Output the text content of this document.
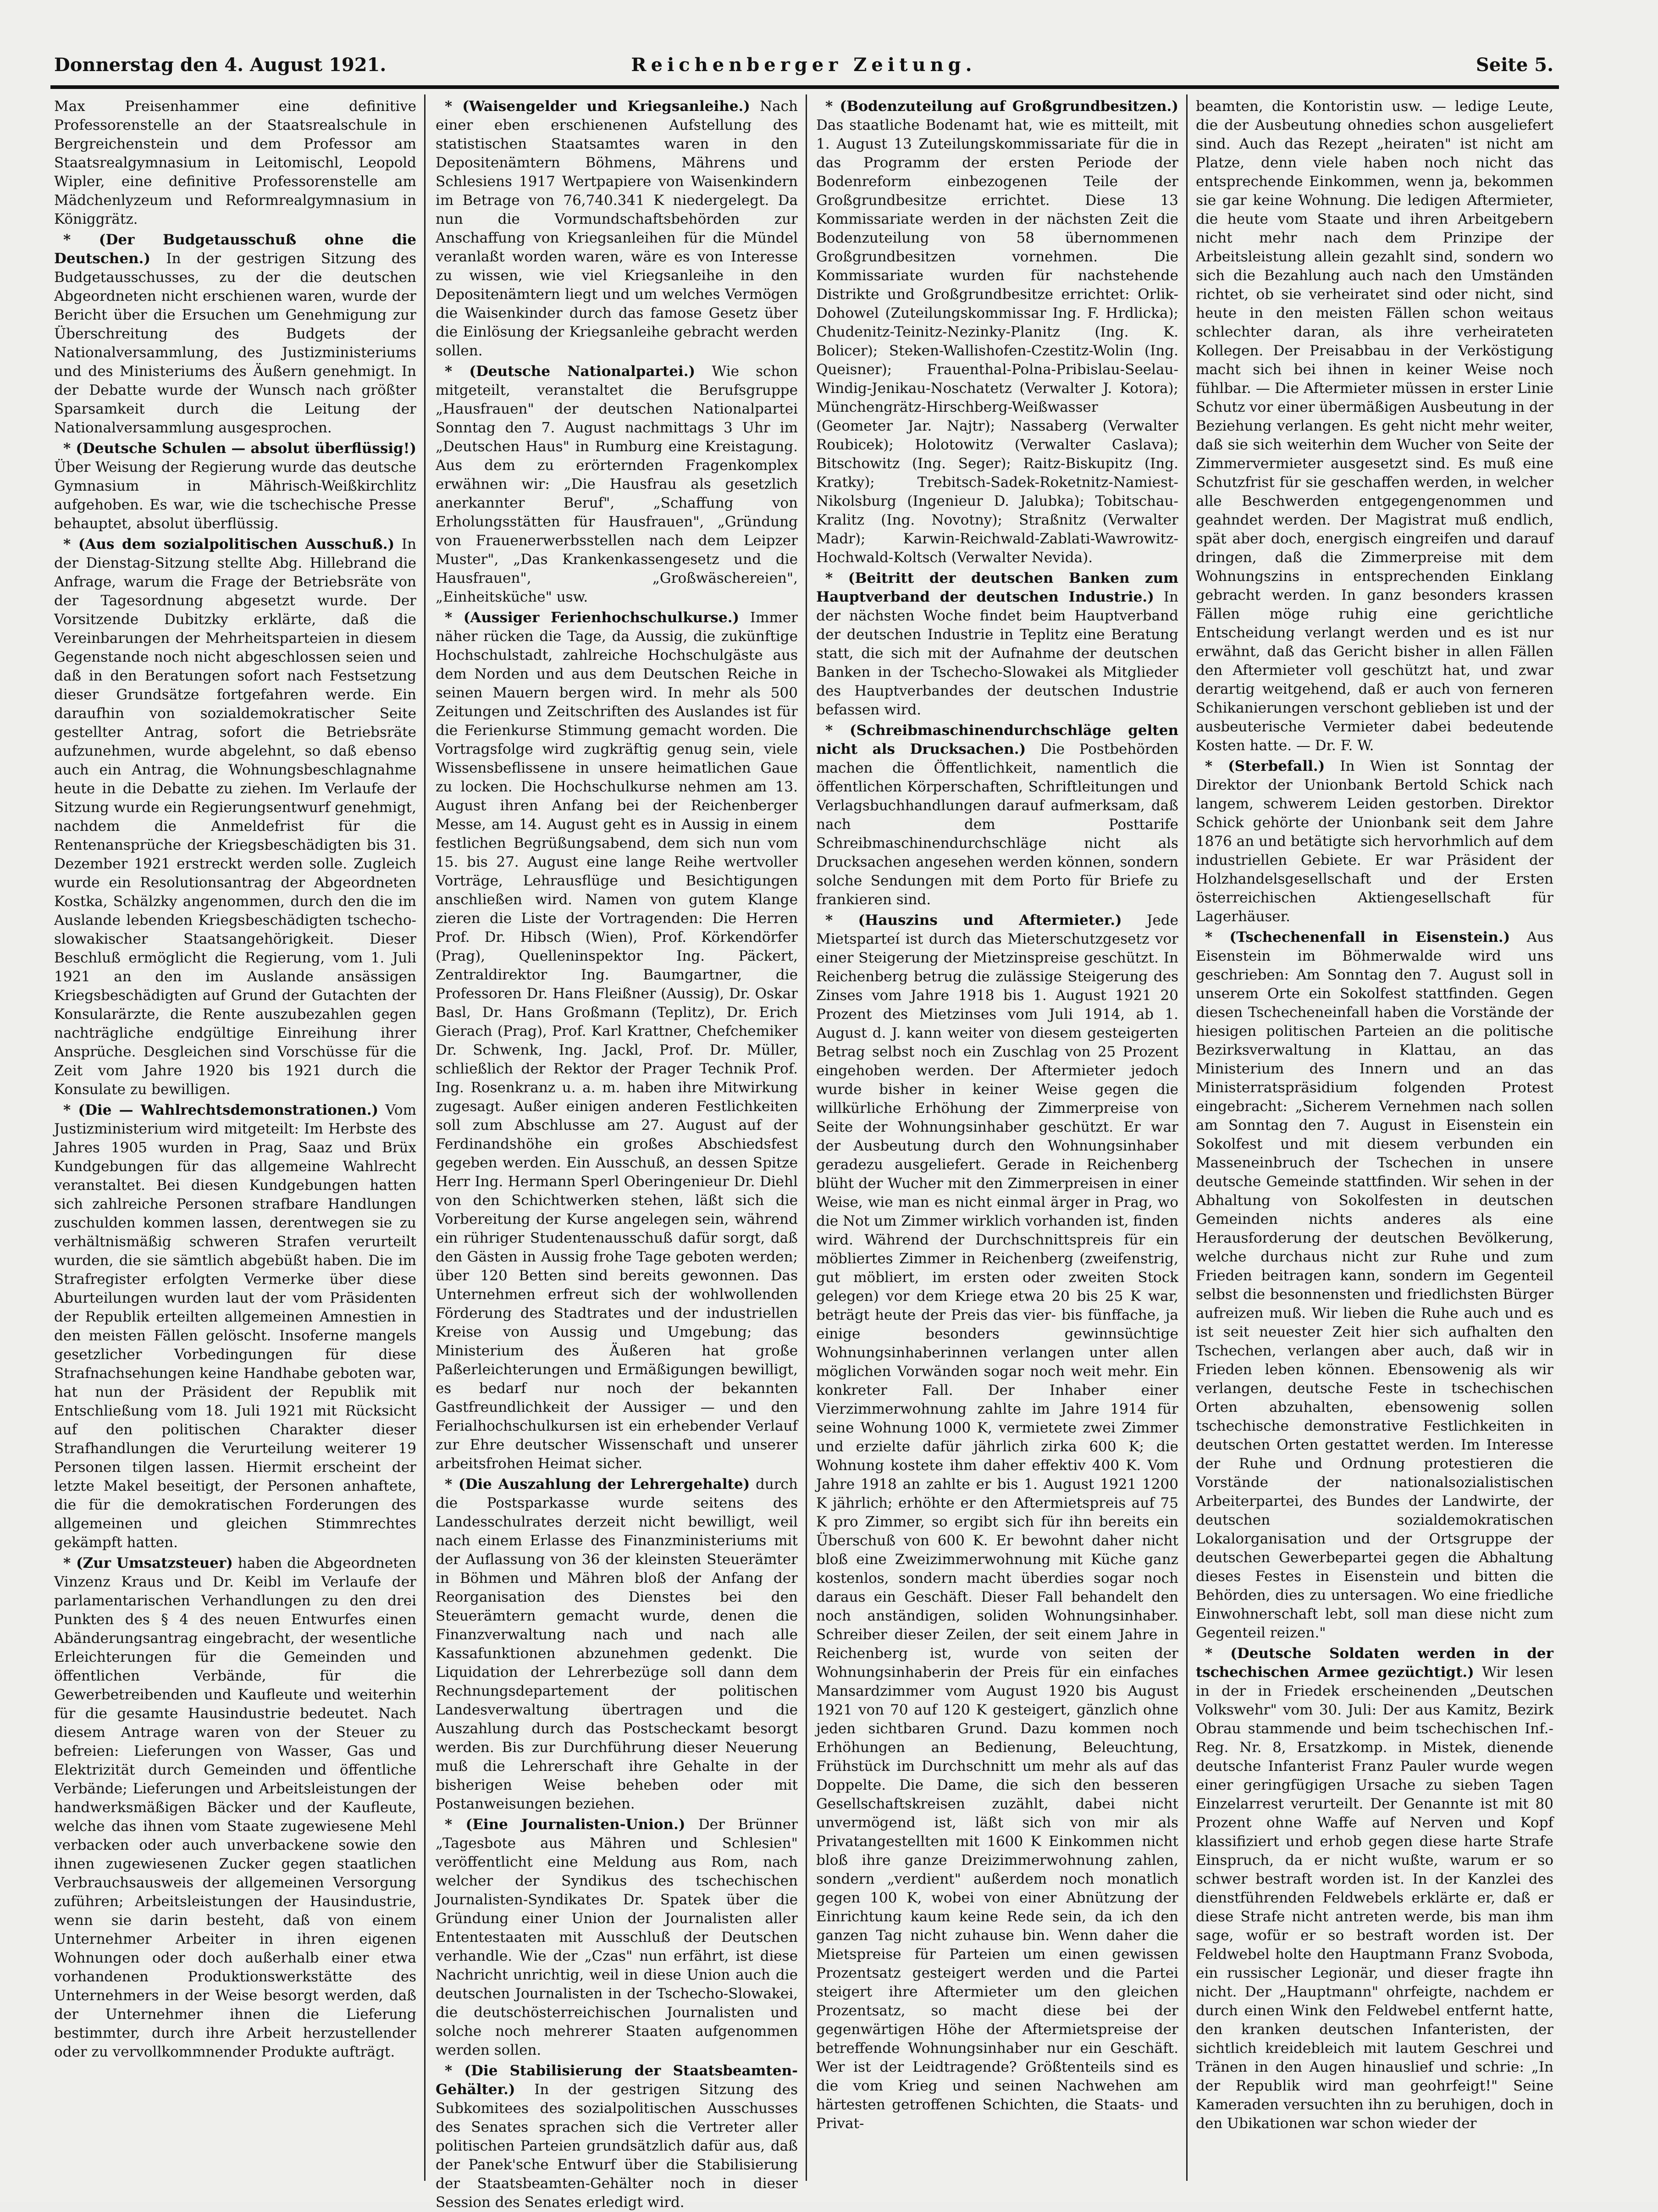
Donnerstag den 4. August 1921.	Reichenberger Zeitung.	Seite 5.

Max Preisenhammer eine definitive Professorenstelle an der Staatsrealschule in Bergreichenstein und dem Professor am Staatsrealgymnasium in Leitomischl, Leopold Wipler, eine definitive Professorenstelle am Mädchenlyzeum und Reformrealgymnasium in Königgrätz.

* (Der Budgetausschuß ohne die Deutschen.) In der gestrigen Sitzung des Budgetausschusses, zu der die deutschen Abgeordneten nicht erschienen waren, wurde der Bericht über die Ersuchen um Genehmigung zur Überschreitung des Budgets der Nationalversammlung, des Justizministeriums und des Ministeriums des Äußern genehmigt. In der Debatte wurde der Wunsch nach größter Sparsamkeit durch die Leitung der Nationalversammlung ausgesprochen.

* (Deutsche Schulen — absolut überflüssig!) Über Weisung der Regierung wurde das deutsche Gymnasium in Mährisch-Weißkirchlitz aufgehoben. Es war, wie die tschechische Presse behauptet, absolut überflüssig.

* (Aus dem sozialpolitischen Ausschuß.) In der Dienstag-Sitzung stellte Abg. Hillebrand die Anfrage, warum die Frage der Betriebsräte von der Tagesordnung abgesetzt wurde. Der Vorsitzende Dubitzky erklärte, daß die Vereinbarungen der Mehrheitsparteien in diesem Gegenstande noch nicht abgeschlossen seien und daß in den Beratungen sofort nach Festsetzung dieser Grundsätze fortgefahren werde. Ein daraufhin von sozialdemokratischer Seite gestellter Antrag, sofort die Betriebsräte aufzunehmen, wurde abgelehnt, so daß ebenso auch ein Antrag, die Wohnungsbeschlagnahme heute in die Debatte zu ziehen. Im Verlaufe der Sitzung wurde ein Regierungsentwurf genehmigt, nachdem die Anmeldefrist für die Rentenansprüche der Kriegsbeschädigten bis 31. Dezember 1921 erstreckt werden solle. Zugleich wurde ein Resolutionsantrag der Abgeordneten Kostka, Schälzky angenommen, durch den die im Auslande lebenden Kriegsbeschädigten tschecho-slowakischer Staatsangehörigkeit. Dieser Beschluß ermöglicht die Regierung, vom 1. Juli 1921 an den im Auslande ansässigen Kriegsbeschädigten auf Grund der Gutachten der Konsularärzte, die Rente auszubezahlen gegen nachträgliche endgültige Einreihung ihrer Ansprüche. Desgleichen sind Vorschüsse für die Zeit vom Jahre 1920 bis 1921 durch die Konsulate zu bewilligen.

* (Die — Wahlrechtsdemonstrationen.) Vom Justizministerium wird mitgeteilt: Im Herbste des Jahres 1905 wurden in Prag, Saaz und Brüx Kundgebungen für das allgemeine Wahlrecht veranstaltet. Bei diesen Kundgebungen hatten sich zahlreiche Personen strafbare Handlungen zuschulden kommen lassen, derentwegen sie zu verhältnismäßig schweren Strafen verurteilt wurden, die sie sämtlich abgebüßt haben. Die im Strafregister erfolgten Vermerke über diese Aburteilungen wurden laut der vom Präsidenten der Republik erteilten allgemeinen Amnestien in den meisten Fällen gelöscht. Insoferne mangels gesetzlicher Vorbedingungen für diese Strafnachsehungen keine Handhabe geboten war, hat nun der Präsident der Republik mit Entschließung vom 18. Juli 1921 mit Rücksicht auf den politischen Charakter dieser Strafhandlungen die Verurteilung weiterer 19 Personen tilgen lassen. Hiermit erscheint der letzte Makel beseitigt, der Personen anhaftete, die für die demokratischen Forderungen des allgemeinen und gleichen Stimmrechtes gekämpft hatten.

* (Zur Umsatzsteuer) haben die Abgeordneten Vinzenz Kraus und Dr. Keibl im Verlaufe der parlamentarischen Verhandlungen zu den drei Punkten des § 4 des neuen Entwurfes einen Abänderungsantrag eingebracht, der wesentliche Erleichterungen für die Gemeinden und öffentlichen Verbände, für die Gewerbetreibenden und Kaufleute und weiterhin für die gesamte Hausindustrie bedeutet. Nach diesem Antrage waren von der Steuer zu befreien: Lieferungen von Wasser, Gas und Elektrizität durch Gemeinden und öffentliche Verbände; Lieferungen und Arbeitsleistungen der handwerksmäßigen Bäcker und der Kaufleute, welche das ihnen vom Staate zugewiesene Mehl verbacken oder auch unverbackene sowie den ihnen zugewiesenen Zucker gegen staatlichen Verbrauchsausweis der allgemeinen Versorgung zuführen; Arbeitsleistungen der Hausindustrie, wenn sie darin besteht, daß von einem Unternehmer Arbeiter in ihren eigenen Wohnungen oder doch außerhalb einer etwa vorhandenen Produktionswerkstätte des Unternehmers in der Weise besorgt werden, daß der Unternehmer ihnen die Lieferung bestimmter, durch ihre Arbeit herzustellender oder zu vervollkommnender Produkte aufträgt.

* (Waisengelder und Kriegsanleihe.) Nach einer eben erschienenen Aufstellung des statistischen Staatsamtes waren in den Depositenämtern Böhmens, Mährens und Schlesiens 1917 Wertpapiere von Waisenkindern im Betrage von 76,740.341 K niedergelegt. Da nun die Vormundschaftsbehörden zur Anschaffung von Kriegsanleihen für die Mündel veranlaßt worden waren, wäre es von Interesse zu wissen, wie viel Kriegsanleihe in den Depositenämtern liegt und um welches Vermögen die Waisenkinder durch das famose Gesetz über die Einlösung der Kriegsanleihe gebracht werden sollen.

* (Deutsche Nationalpartei.) Wie schon mitgeteilt, veranstaltet die Berufsgruppe „Hausfrauen" der deutschen Nationalpartei Sonntag den 7. August nachmittags 3 Uhr im „Deutschen Haus" in Rumburg eine Kreistagung. Aus dem zu erörternden Fragenkomplex erwähnen wir: „Die Hausfrau als gesetzlich anerkannter Beruf", „Schaffung von Erholungsstätten für Hausfrauen", „Gründung von Frauenerwerbsstellen nach dem Leipzer Muster", „Das Krankenkassengesetz und die Hausfrauen", „Großwäschereien", „Einheitsküche" usw.

* (Aussiger Ferienhochschulkurse.) Immer näher rücken die Tage, da Aussig, die zukünftige Hochschulstadt, zahlreiche Hochschulgäste aus dem Norden und aus dem Deutschen Reiche in seinen Mauern bergen wird. In mehr als 500 Zeitungen und Zeitschriften des Auslandes ist für die Ferienkurse Stimmung gemacht worden. Die Vortragsfolge wird zugkräftig genug sein, viele Wissensbeflissene in unsere heimatlichen Gaue zu locken. Die Hochschulkurse nehmen am 13. August ihren Anfang bei der Reichenberger Messe, am 14. August geht es in Aussig in einem festlichen Begrüßungsabend, dem sich nun vom 15. bis 27. August eine lange Reihe wertvoller Vorträge, Lehrausflüge und Besichtigungen anschließen wird. Namen von gutem Klange zieren die Liste der Vortragenden: Die Herren Prof. Dr. Hibsch (Wien), Prof. Körkendörfer (Prag), Quelleninspektor Ing. Päckert, Zentraldirektor Ing. Baumgartner, die Professoren Dr. Hans Fleißner (Aussig), Dr. Oskar Basl, Dr. Hans Großmann (Teplitz), Dr. Erich Gierach (Prag), Prof. Karl Krattner, Chefchemiker Dr. Schwenk, Ing. Jackl, Prof. Dr. Müller, schließlich der Rektor der Prager Technik Prof. Ing. Rosenkranz u. a. m. haben ihre Mitwirkung zugesagt. Außer einigen anderen Festlichkeiten soll zum Abschlusse am 27. August auf der Ferdinandshöhe ein großes Abschiedsfest gegeben werden. Ein Ausschuß, an dessen Spitze Herr Ing. Hermann Sperl Oberingenieur Dr. Diehl von den Schichtwerken stehen, läßt sich die Vorbereitung der Kurse angelegen sein, während ein rühriger Studentenausschuß dafür sorgt, daß den Gästen in Aussig frohe Tage geboten werden; über 120 Betten sind bereits gewonnen. Das Unternehmen erfreut sich der wohlwollenden Förderung des Stadtrates und der industriellen Kreise von Aussig und Umgebung; das Ministerium des Äußeren hat große Paßerleichterungen und Ermäßigungen bewilligt, es bedarf nur noch der bekannten Gastfreundlichkeit der Aussiger — und den Ferialhochschulkursen ist ein erhebender Verlauf zur Ehre deutscher Wissenschaft und unserer arbeitsfrohen Heimat sicher.

* (Die Auszahlung der Lehrergehalte) durch die Postsparkasse wurde seitens des Landesschulrates derzeit nicht bewilligt, weil nach einem Erlasse des Finanzministeriums mit der Auflassung von 36 der kleinsten Steuerämter in Böhmen und Mähren bloß der Anfang der Reorganisation des Dienstes bei den Steuerämtern gemacht wurde, denen die Finanzverwaltung nach und nach alle Kassafunktionen abzunehmen gedenkt. Die Liquidation der Lehrerbezüge soll dann dem Rechnungsdepartement der politischen Landesverwaltung übertragen und die Auszahlung durch das Postscheckamt besorgt werden. Bis zur Durchführung dieser Neuerung muß die Lehrerschaft ihre Gehalte in der bisherigen Weise beheben oder mit Postanweisungen beziehen.

* (Eine Journalisten-Union.) Der Brünner „Tagesbote aus Mähren und Schlesien" veröffentlicht eine Meldung aus Rom, nach welcher der Syndikus des tschechischen Journalisten-Syndikates Dr. Spatek über die Gründung einer Union der Journalisten aller Ententestaaten mit Ausschluß der Deutschen verhandle. Wie der „Czas" nun erfährt, ist diese Nachricht unrichtig, weil in diese Union auch die deutschen Journalisten in der Tschecho-Slowakei, die deutschösterreichischen Journalisten und solche noch mehrerer Staaten aufgenommen werden sollen.

* (Die Stabilisierung der Staatsbeamten-Gehälter.) In der gestrigen Sitzung des Subkomitees des sozialpolitischen Ausschusses des Senates sprachen sich die Vertreter aller politischen Parteien grundsätzlich dafür aus, daß der Panek'sche Entwurf über die Stabilisierung der Staatsbeamten-Gehälter noch in dieser Session des Senates erledigt wird.

* (Bodenzuteilung auf Großgrundbesitzen.) Das staatliche Bodenamt hat, wie es mitteilt, mit 1. August 13 Zuteilungskommissariate für die in das Programm der ersten Periode der Bodenreform einbezogenen Teile der Großgrundbesitze errichtet. Diese 13 Kommissariate werden in der nächsten Zeit die Bodenzuteilung von 58 übernommenen Großgrundbesitzen vornehmen. Die Kommissariate wurden für nachstehende Distrikte und Großgrundbesitze errichtet: Orlik-Dohowel (Zuteilungskommissar Ing. F. Hrdlicka); Chudenitz-Teinitz-Nezinky-Planitz (Ing. K. Bolicer); Steken-Wallishofen-Czestitz-Wolin (Ing. Queisner); Frauenthal-Polna-Pribislau-Seelau-Windig-Jenikau-Noschatetz (Verwalter J. Kotora); Münchengrätz-Hirschberg-Weißwasser (Geometer Jar. Najtr); Nassaberg (Verwalter Roubicek); Holotowitz (Verwalter Caslava); Bitschowitz (Ing. Seger); Raitz-Biskupitz (Ing. Kratky); Trebitsch-Sadek-Roketnitz-Namiest-Nikolsburg (Ingenieur D. Jalubka); Tobitschau-Kralitz (Ing. Novotny); Straßnitz (Verwalter Madr); Karwin-Reichwald-Zablati-Wawrowitz-Hochwald-Koltsch (Verwalter Nevida).

* (Beitritt der deutschen Banken zum Hauptverband der deutschen Industrie.) In der nächsten Woche findet beim Hauptverband der deutschen Industrie in Teplitz eine Beratung statt, die sich mit der Aufnahme der deutschen Banken in der Tschecho-Slowakei als Mitglieder des Hauptverbandes der deutschen Industrie befassen wird.

* (Schreibmaschinendurchschläge gelten nicht als Drucksachen.) Die Postbehörden machen die Öffentlichkeit, namentlich die öffentlichen Körperschaften, Schriftleitungen und Verlagsbuchhandlungen darauf aufmerksam, daß nach dem Posttarife Schreibmaschinendurchschläge nicht als Drucksachen angesehen werden können, sondern solche Sendungen mit dem Porto für Briefe zu frankieren sind.

* (Hauszins und Aftermieter.) Jede Mietsparteí ist durch das Mieterschutzgesetz vor einer Steigerung der Mietzinspreise geschützt. In Reichenberg betrug die zulässige Steigerung des Zinses vom Jahre 1918 bis 1. August 1921 20 Prozent des Mietzinses vom Juli 1914, ab 1. August d. J. kann weiter von diesem gesteigerten Betrag selbst noch ein Zuschlag von 25 Prozent eingehoben werden. Der Aftermieter jedoch wurde bisher in keiner Weise gegen die willkürliche Erhöhung der Zimmerpreise von Seite der Wohnungsinhaber geschützt. Er war der Ausbeutung durch den Wohnungsinhaber geradezu ausgeliefert. Gerade in Reichenberg blüht der Wucher mit den Zimmerpreisen in einer Weise, wie man es nicht einmal ärger in Prag, wo die Not um Zimmer wirklich vorhanden ist, finden wird. Während der Durchschnittspreis für ein möbliertes Zimmer in Reichenberg (zweifenstrig, gut möbliert, im ersten oder zweiten Stock gelegen) vor dem Kriege etwa 20 bis 25 K war, beträgt heute der Preis das vier- bis fünffache, ja einige besonders gewinnsüchtige Wohnungsinhaberinnen verlangen unter allen möglichen Vorwänden sogar noch weit mehr. Ein konkreter Fall. Der Inhaber einer Vierzimmerwohnung zahlte im Jahre 1914 für seine Wohnung 1000 K, vermietete zwei Zimmer und erzielte dafür jährlich zirka 600 K; die Wohnung kostete ihm daher effektiv 400 K. Vom Jahre 1918 an zahlte er bis 1. August 1921 1200 K jährlich; erhöhte er den Aftermietspreis auf 75 K pro Zimmer, so ergibt sich für ihn bereits ein Überschuß von 600 K. Er bewohnt daher nicht bloß eine Zweizimmerwohnung mit Küche ganz kostenlos, sondern macht überdies sogar noch daraus ein Geschäft. Dieser Fall behandelt den noch anständigen, soliden Wohnungsinhaber. Schreiber dieser Zeilen, der seit einem Jahre in Reichenberg ist, wurde von seiten der Wohnungsinhaberin der Preis für ein einfaches Mansardzimmer vom August 1920 bis August 1921 von 70 auf 120 K gesteigert, gänzlich ohne jeden sichtbaren Grund. Dazu kommen noch Erhöhungen an Bedienung, Beleuchtung, Frühstück im Durchschnitt um mehr als auf das Doppelte. Die Dame, die sich den besseren Gesellschaftskreisen zuzählt, dabei nicht unvermögend ist, läßt sich von mir als Privatangestellten mit 1600 K Einkommen nicht bloß ihre ganze Dreizimmerwohnung zahlen, sondern „verdient" außerdem noch monatlich gegen 100 K, wobei von einer Abnützung der Einrichtung kaum keine Rede sein, da ich den ganzen Tag nicht zuhause bin. Wenn daher die Mietspreise für Parteien um einen gewissen Prozentsatz gesteigert werden und die Partei steigert ihre Aftermieter um den gleichen Prozentsatz, so macht diese bei der gegenwärtigen Höhe der Aftermietspreise der betreffende Wohnungsinhaber nur ein Geschäft. Wer ist der Leidtragende? Größtenteils sind es die vom Krieg und seinen Nachwehen am härtesten getroffenen Schichten, die Staats- und Privat-

beamten, die Kontoristin usw. — ledige Leute, die der Ausbeutung ohnedies schon ausgeliefert sind. Auch das Rezept „heiraten" ist nicht am Platze, denn viele haben noch nicht das entsprechende Einkommen, wenn ja, bekommen sie gar keine Wohnung. Die ledigen Aftermieter, die heute vom Staate und ihren Arbeitgebern nicht mehr nach dem Prinzipe der Arbeitsleistung allein gezahlt sind, sondern wo sich die Bezahlung auch nach den Umständen richtet, ob sie verheiratet sind oder nicht, sind heute in den meisten Fällen schon weitaus schlechter daran, als ihre verheirateten Kollegen. Der Preisabbau in der Verköstigung macht sich bei ihnen in keiner Weise noch fühlbar. — Die Aftermieter müssen in erster Linie Schutz vor einer übermäßigen Ausbeutung in der Beziehung verlangen. Es geht nicht mehr weiter, daß sie sich weiterhin dem Wucher von Seite der Zimmervermieter ausgesetzt sind. Es muß eine Schutzfrist für sie geschaffen werden, in welcher alle Beschwerden entgegengenommen und geahndet werden. Der Magistrat muß endlich, spät aber doch, energisch eingreifen und darauf dringen, daß die Zimmerpreise mit dem Wohnungszins in entsprechenden Einklang gebracht werden. In ganz besonders krassen Fällen möge ruhig eine gerichtliche Entscheidung verlangt werden und es ist nur erwähnt, daß das Gericht bisher in allen Fällen den Aftermieter voll geschützt hat, und zwar derartig weitgehend, daß er auch von ferneren Schikanierungen verschont geblieben ist und der ausbeuterische Vermieter dabei bedeutende Kosten hatte. — Dr. F. W.

* (Sterbefall.) In Wien ist Sonntag der Direktor der Unionbank Bertold Schick nach langem, schwerem Leiden gestorben. Direktor Schick gehörte der Unionbank seit dem Jahre 1876 an und betätigte sich hervorhmlich auf dem industriellen Gebiete. Er war Präsident der Holzhandelsgesellschaft und der Ersten österreichischen Aktiengesellschaft für Lagerhäuser.

* (Tschechenenfall in Eisenstein.) Aus Eisenstein im Böhmerwalde wird uns geschrieben: Am Sonntag den 7. August soll in unserem Orte ein Sokolfest stattfinden. Gegen diesen Tschecheneinfall haben die Vorstände der hiesigen politischen Parteien an die politische Bezirksverwaltung in Klattau, an das Ministerium des Innern und an das Ministerratspräsidium folgenden Protest eingebracht: „Sicherem Vernehmen nach sollen am Sonntag den 7. August in Eisenstein ein Sokolfest und mit diesem verbunden ein Masseneinbruch der Tschechen in unsere deutsche Gemeinde stattfinden. Wir sehen in der Abhaltung von Sokolfesten in deutschen Gemeinden nichts anderes als eine Herausforderung der deutschen Bevölkerung, welche durchaus nicht zur Ruhe und zum Frieden beitragen kann, sondern im Gegenteil selbst die besonnensten und friedlichsten Bürger aufreizen muß. Wir lieben die Ruhe auch und es ist seit neuester Zeit hier sich aufhalten den Tschechen, verlangen aber auch, daß wir in Frieden leben können. Ebensowenig als wir verlangen, deutsche Feste in tschechischen Orten abzuhalten, ebensowenig sollen tschechische demonstrative Festlichkeiten in deutschen Orten gestattet werden. Im Interesse der Ruhe und Ordnung protestieren die Vorstände der nationalsozialistischen Arbeiterpartei, des Bundes der Landwirte, der deutschen sozialdemokratischen Lokalorganisation und der Ortsgruppe der deutschen Gewerbepartei gegen die Abhaltung dieses Festes in Eisenstein und bitten die Behörden, dies zu untersagen. Wo eine friedliche Einwohnerschaft lebt, soll man diese nicht zum Gegenteil reizen."

* (Deutsche Soldaten werden in der tschechischen Armee gezüchtigt.) Wir lesen in der in Friedek erscheinenden „Deutschen Volkswehr" vom 30. Juli: Der aus Kamitz, Bezirk Obrau stammende und beim tschechischen Inf.-Reg. Nr. 8, Ersatzkomp. in Mistek, dienende deutsche Infanterist Franz Pauler wurde wegen einer geringfügigen Ursache zu sieben Tagen Einzelarrest verurteilt. Der Genannte ist mit 80 Prozent ohne Waffe auf Nerven und Kopf klassifiziert und erhob gegen diese harte Strafe Einspruch, da er nicht wußte, warum er so schwer bestraft worden ist. In der Kanzlei des dienstführenden Feldwebels erklärte er, daß er diese Strafe nicht antreten werde, bis man ihm sage, wofür er so bestraft worden ist. Der Feldwebel holte den Hauptmann Franz Svoboda, ein russischer Legionär, und dieser fragte ihn nicht. Der „Hauptmann" ohrfeigte, nachdem er durch einen Wink den Feldwebel entfernt hatte, den kranken deutschen Infanteristen, der sichtlich kreidebleich mit lautem Geschrei und Tränen in den Augen hinauslief und schrie: „In der Republik wird man geohrfeigt!" Seine Kameraden versuchten ihn zu beruhigen, doch in den Ubikationen war schon wieder der
